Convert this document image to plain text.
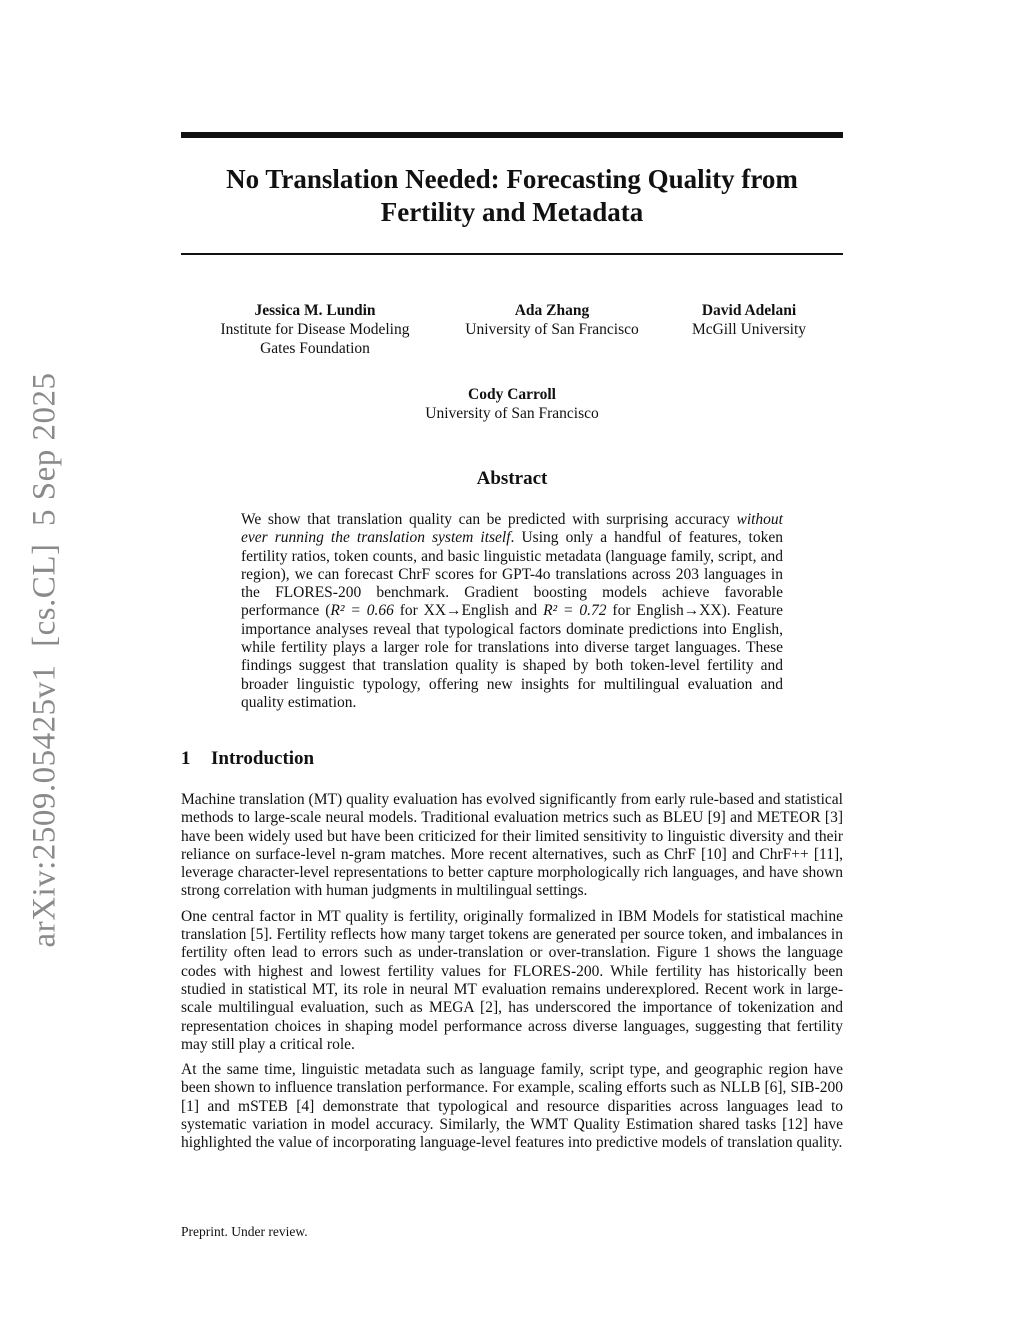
arXiv:2509.05425v1  [cs.CL]  5 Sep 2025
No Translation Needed: Forecasting Quality from
Fertility and Metadata
Jessica M. Lundin
Institute for Disease Modeling
Gates Foundation
Ada Zhang
University of San Francisco
David Adelani
McGill University
Cody Carroll
University of San Francisco
Abstract
We show that translation quality can be predicted with surprising accuracy without ever running the translation system itself. Using only a handful of features, token fertility ratios, token counts, and basic linguistic metadata (language family, script, and region), we can forecast ChrF scores for GPT-4o translations across 203 languages in the FLORES-200 benchmark. Gradient boosting models achieve favorable performance (R² = 0.66 for XX→English and R² = 0.72 for English→XX). Feature importance analyses reveal that typological factors dominate predictions into English, while fertility plays a larger role for translations into diverse target languages. These findings suggest that translation quality is shaped by both token-level fertility and broader linguistic typology, offering new insights for multilingual evaluation and quality estimation.
1 Introduction

Machine translation (MT) quality evaluation has evolved significantly from early rule-based and statistical methods to large-scale neural models. Traditional evaluation metrics such as BLEU [9] and METEOR [3] have been widely used but have been criticized for their limited sensitivity to linguistic diversity and their reliance on surface-level n-gram matches. More recent alternatives, such as ChrF [10] and ChrF++ [11], leverage character-level representations to better capture morphologically rich languages, and have shown strong correlation with human judgments in multilingual settings.

One central factor in MT quality is fertility, originally formalized in IBM Models for statistical machine translation [5]. Fertility reflects how many target tokens are generated per source token, and imbalances in fertility often lead to errors such as under-translation or over-translation. Figure 1 shows the language codes with highest and lowest fertility values for FLORES-200. While fertility has historically been studied in statistical MT, its role in neural MT evaluation remains underexplored. Recent work in large-scale multilingual evaluation, such as MEGA [2], has underscored the importance of tokenization and representation choices in shaping model performance across diverse languages, suggesting that fertility may still play a critical role.

At the same time, linguistic metadata such as language family, script type, and geographic region have been shown to influence translation performance. For example, scaling efforts such as NLLB [6], SIB-200 [1] and mSTEB [4] demonstrate that typological and resource disparities across languages lead to systematic variation in model accuracy. Similarly, the WMT Quality Estimation shared tasks [12] have highlighted the value of incorporating language-level features into predictive models of translation quality.

Preprint. Under review.
